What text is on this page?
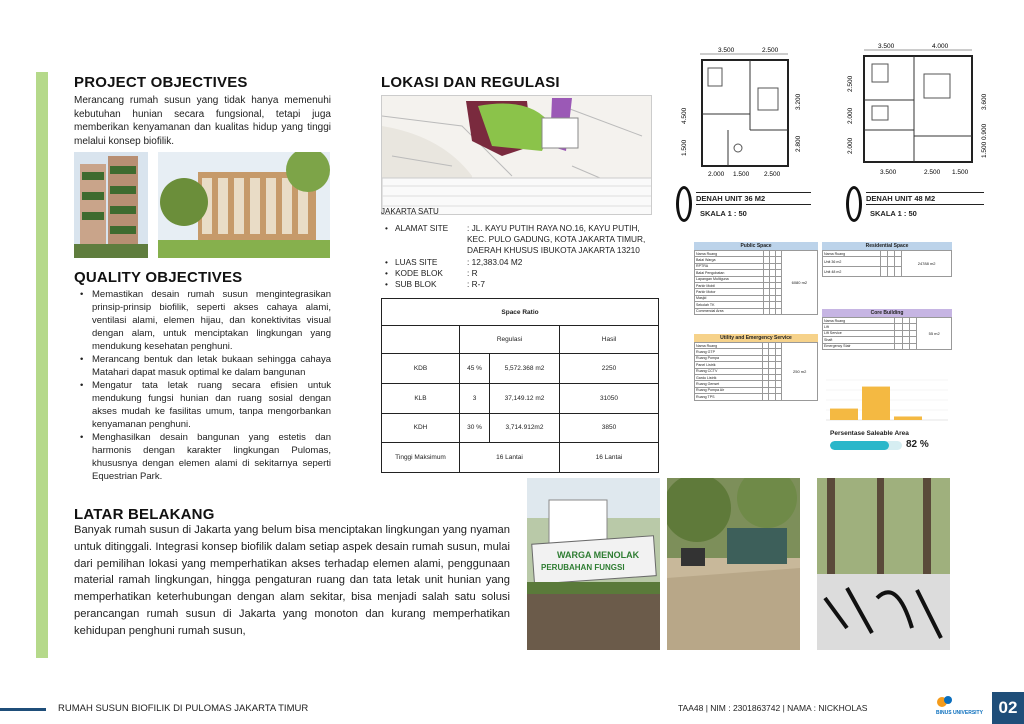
PROJECT OBJECTIVES

Merancang rumah susun yang tidak hanya memenuhi kebutuhan hunian secara fungsional, tetapi juga memberikan kenyamanan dan kualitas hidup yang tinggi melalui konsep biofilik.

QUALITY OBJECTIVES
• Memastikan desain rumah susun mengintegrasikan prinsip-prinsip biofilik, seperti akses cahaya alami, ventilasi alami, elemen hijau, dan konektivitas visual dengan alam, untuk menciptakan lingkungan yang mendukung kesehatan penghuni.
• Merancang bentuk dan letak bukaan sehingga cahaya Matahari dapat masuk optimal ke dalam bangunan
• Mengatur tata letak ruang secara efisien untuk mendukung fungsi hunian dan ruang sosial dengan akses mudah ke fasilitas umum, tanpa mengorbankan kenyamanan penghuni.
• Menghasilkan desain bangunan yang estetis dan harmonis dengan karakter lingkungan Pulomas, khususnya dengan elemen alami di sekitarnya seperti Equestrian Park.
LATAR BELAKANG

Banyak rumah susun di Jakarta yang belum bisa menciptakan lingkungan yang nyaman untuk ditinggali. Integrasi konsep biofilik dalam setiap aspek desain rumah susun, mulai dari pemilihan lokasi yang memperhatikan akses terhadap elemen alami, penggunaan material ramah lingkungan, hingga pengaturan ruang dan tata letak unit hunian yang memperhatikan keterhubungan dengan alam sekitar, bisa menjadi salah satu solusi perancangan rumah susun di Jakarta yang monoton dan kurang memperhatikan kehidupan penghuni rumah susun,

LOKASI DAN REGULASI
JAKARTA SATU
• ALAMAT SITE	: JL. KAYU PUTIH RAYA NO.16, KAYU PUTIH, KEC. PULO GADUNG, KOTA JAKARTA TIMUR, DAERAH KHUSUS IBUKOTA JAKARTA 13210
• LUAS SITE	: 12,383.04 M2
• KODE BLOK	: R
• SUB BLOK	: R-7
Space Ratio			
	Regulasi		Hasil
KDB	45 %	5,572.368 m2	2250
KLB	3	37,149.12 m2	31050
KDH	30 %	3,714.912m2	3850
Tinggi Maksimum	16 Lantai		16 Lantai
3.500	2.500
4.500
1.500
3.200
2.800
2.000 1.500 2.500
DENAH UNIT 36 M2
SKALA 1 : 50
3.500	4.000
2.500
2.000
2.000
3.600
0.900
1.500
3.500	2.500 1.500
DENAH UNIT 48 M2
SKALA 1 : 50
Public Space
Nama Ruang				6080 m2
Balai Warga				
RPTRA				
Balai Pengobatan				
Lapangan Multiguna				
Parkir Mobil				
Parkir Motor				
Masjid				
Sekolah TK				
Commercial Area				
Utility and Emergency Service
Nama Ruang				250 m2
Ruang GTP				
Ruang Pompa				
Panel Listrik				
Ruang CCTV				
Gardu Listrik				
Ruang Genset				
Ruang Pompa Air				
Ruang TPS				
Residential Space
Nama Ruang				24788 m2
Unit 36 m2				
Unit 48 m2				
Core Building
Nama Ruang				55 m2
Lift				
Lift Service				
Shaft				
Emergency Stair				
Persentase Saleable Area
82 %
WARGA MENOLAK
PERUBAHAN FUNGSI
RUMAH SUSUN BIOFILIK DI PULOMAS JAKARTA TIMUR	TAA48 | NIM : 2301863742 | NAMA : NICKHOLAS	BINUS UNIVERSITY 02
